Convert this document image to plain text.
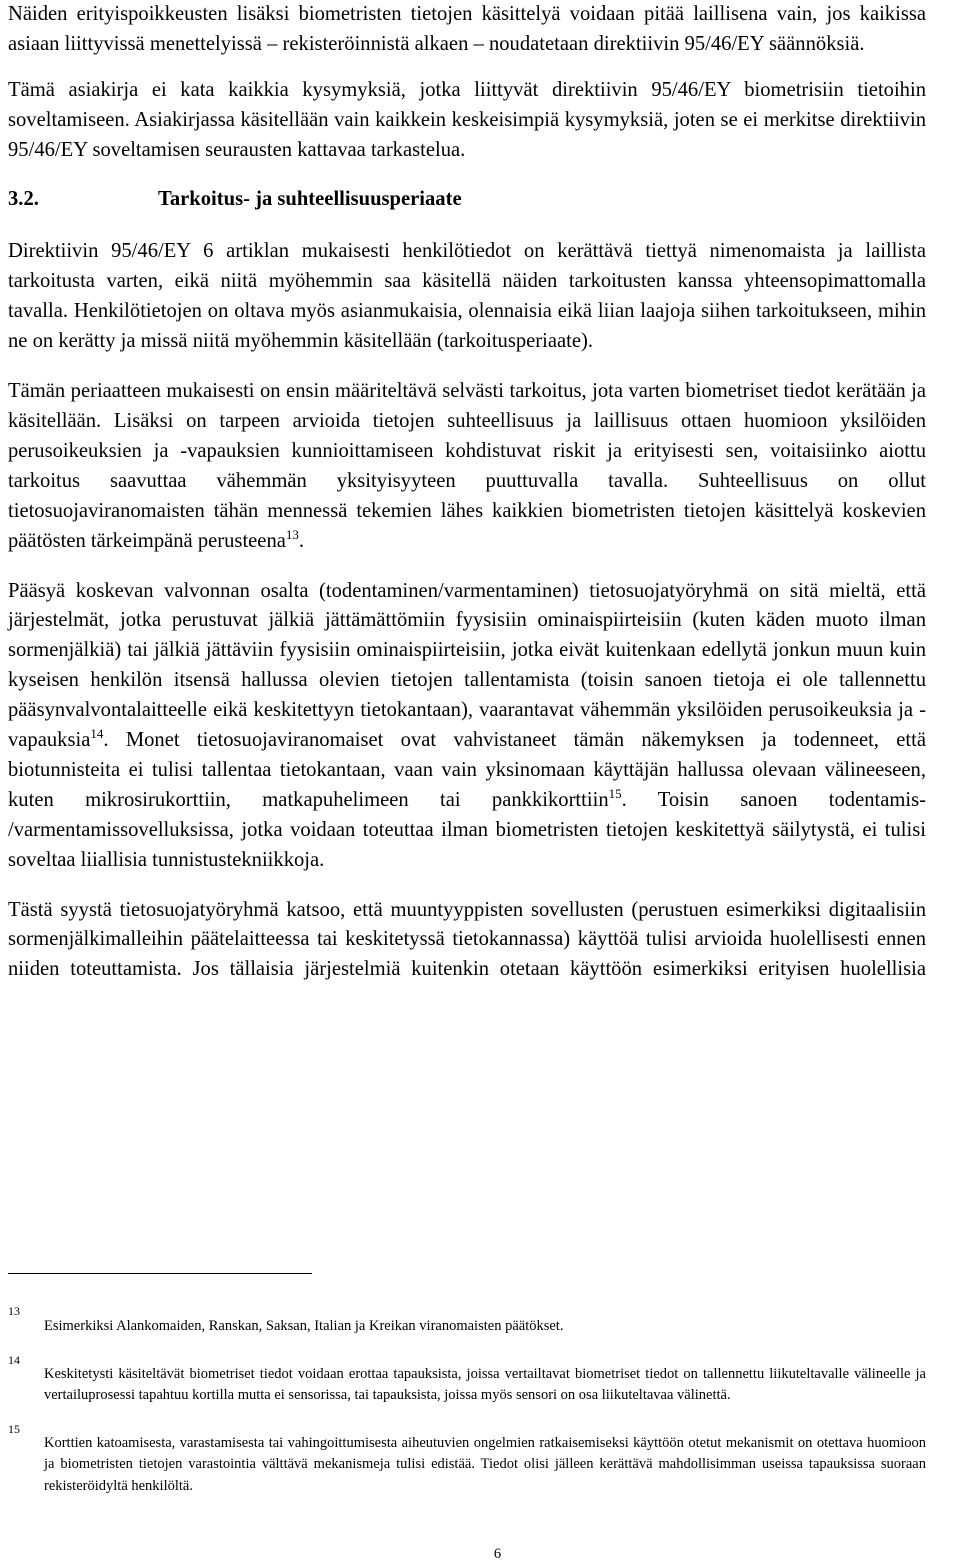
Näiden erityispoikkeusten lisäksi biometristen tietojen käsittelyä voidaan pitää laillisena vain, jos kaikissa asiaan liittyvissä menettelyissä – rekisteröinnistä alkaen – noudatetaan direktiivin 95/46/EY säännöksiä.

Tämä asiakirja ei kata kaikkia kysymyksiä, jotka liittyvät direktiivin 95/46/EY biometrisiin tietoihin soveltamiseen. Asiakirjassa käsitellään vain kaikkein keskeisimpiä kysymyksiä, joten se ei merkitse direktiivin 95/46/EY soveltamisen seurausten kattavaa tarkastelua.

3.2.	Tarkoitus- ja suhteellisuusperiaate

Direktiivin 95/46/EY 6 artiklan mukaisesti henkilötiedot on kerättävä tiettyä nimenomaista ja laillista tarkoitusta varten, eikä niitä myöhemmin saa käsitellä näiden tarkoitusten kanssa yhteensopimattomalla tavalla. Henkilötietojen on oltava myös asianmukaisia, olennaisia eikä liian laajoja siihen tarkoitukseen, mihin ne on kerätty ja missä niitä myöhemmin käsitellään (tarkoitusperiaate).

Tämän periaatteen mukaisesti on ensin määriteltävä selvästi tarkoitus, jota varten biometriset tiedot kerätään ja käsitellään. Lisäksi on tarpeen arvioida tietojen suhteellisuus ja laillisuus ottaen huomioon yksilöiden perusoikeuksien ja -vapauksien kunnioittamiseen kohdistuvat riskit ja erityisesti sen, voitaisiinko aiottu tarkoitus saavuttaa vähemmän yksityisyyteen puuttuvalla tavalla. Suhteellisuus on ollut tietosuojaviranomaisten tähän mennessä tekemien lähes kaikkien biometristen tietojen käsittelyä koskevien päätösten tärkeimpänä perusteena$^{13}$.

Pääsyä koskevan valvonnan osalta (todentaminen/varmentaminen) tietosuojatyöryhmä on sitä mieltä, että järjestelmät, jotka perustuvat jälkiä jättämättömiin fyysisiin ominaispiirteisiin (kuten käden muoto ilman sormenjälkiä) tai jälkiä jättäviin fyysisiin ominaispiirteisiin, jotka eivät kuitenkaan edellytä jonkun muun kuin kyseisen henkilön itsensä hallussa olevien tietojen tallentamista (toisin sanoen tietoja ei ole tallennettu pääsynvalvontalaitteelle eikä keskitettyyn tietokantaan), vaarantavat vähemmän yksilöiden perusoikeuksia ja -vapauksia$^{14}$. Monet tietosuojaviranomaiset ovat vahvistaneet tämän näkemyksen ja todenneet, että biotunnisteita ei tulisi tallentaa tietokantaan, vaan vain yksinomaan käyttäjän hallussa olevaan välineeseen, kuten mikrosirukorttiin, matkapuhelimeen tai pankkikorttiin$^{15}$. Toisin sanoen todentamis- /varmentamissovelluksissa, jotka voidaan toteuttaa ilman biometristen tietojen keskitettyä säilytystä, ei tulisi soveltaa liiallisia tunnistustekniikkoja.

Tästä syystä tietosuojatyöryhmä katsoo, että muuntyyppisten sovellusten (perustuen esimerkiksi digitaalisiin sormenjälkimalleihin päätelaitteessa tai keskitetyssä tietokannassa) käyttöä tulisi arvioida huolellisesti ennen niiden toteuttamista. Jos tällaisia järjestelmiä kuitenkin otetaan käyttöön esimerkiksi erityisen huolellisia

13
Esimerkiksi Alankomaiden, Ranskan, Saksan, Italian ja Kreikan viranomaisten päätökset.
14
Keskitetysti käsiteltävät biometriset tiedot voidaan erottaa tapauksista, joissa vertailtavat biometriset tiedot on tallennettu liikuteltavalle välineelle ja vertailuprosessi tapahtuu kortilla mutta ei sensorissa, tai tapauksista, joissa myös sensori on osa liikuteltavaa välinettä.
15
Korttien katoamisesta, varastamisesta tai vahingoittumisesta aiheutuvien ongelmien ratkaisemiseksi käyttöön otetut mekanismit on otettava huomioon ja biometristen tietojen varastointia välttävä mekanismeja tulisi edistää. Tiedot olisi jälleen kerättävä mahdollisimman useissa tapauksissa suoraan rekisteröidyltä henkilöltä.
6
